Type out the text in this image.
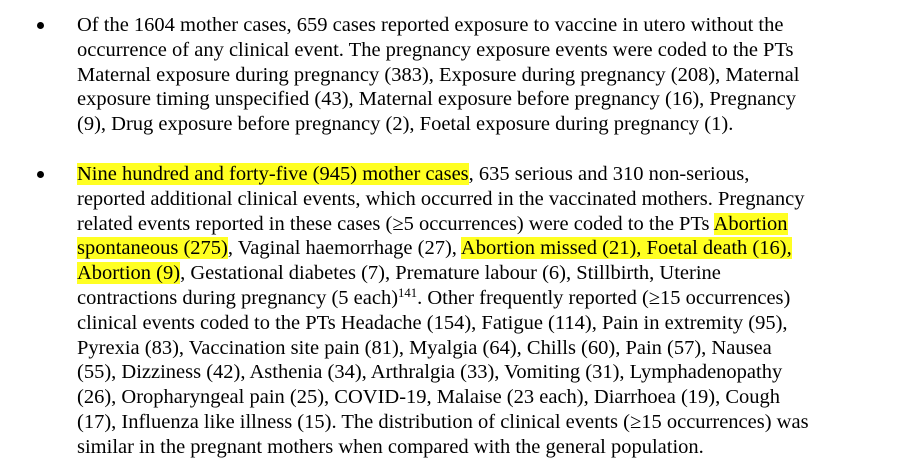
Of the 1604 mother cases, 659 cases reported exposure to vaccine in utero without the
occurrence of any clinical event. The pregnancy exposure events were coded to the PTs
Maternal exposure during pregnancy (383), Exposure during pregnancy (208), Maternal
exposure timing unspecified (43), Maternal exposure before pregnancy (16), Pregnancy
(9), Drug exposure before pregnancy (2), Foetal exposure during pregnancy (1).
Nine hundred and forty-five (945) mother cases, 635 serious and 310 non-serious,
reported additional clinical events, which occurred in the vaccinated mothers. Pregnancy
related events reported in these cases (≥5 occurrences) were coded to the PTs Abortion
spontaneous (275), Vaginal haemorrhage (27), Abortion missed (21), Foetal death (16),
Abortion (9), Gestational diabetes (7), Premature labour (6), Stillbirth, Uterine
contractions during pregnancy (5 each)$^{141}$. Other frequently reported (≥15 occurrences)
clinical events coded to the PTs Headache (154), Fatigue (114), Pain in extremity (95),
Pyrexia (83), Vaccination site pain (81), Myalgia (64), Chills (60), Pain (57), Nausea
(55), Dizziness (42), Asthenia (34), Arthralgia (33), Vomiting (31), Lymphadenopathy
(26), Oropharyngeal pain (25), COVID-19, Malaise (23 each), Diarrhoea (19), Cough
(17), Influenza like illness (15). The distribution of clinical events (≥15 occurrences) was
similar in the pregnant mothers when compared with the general population.
